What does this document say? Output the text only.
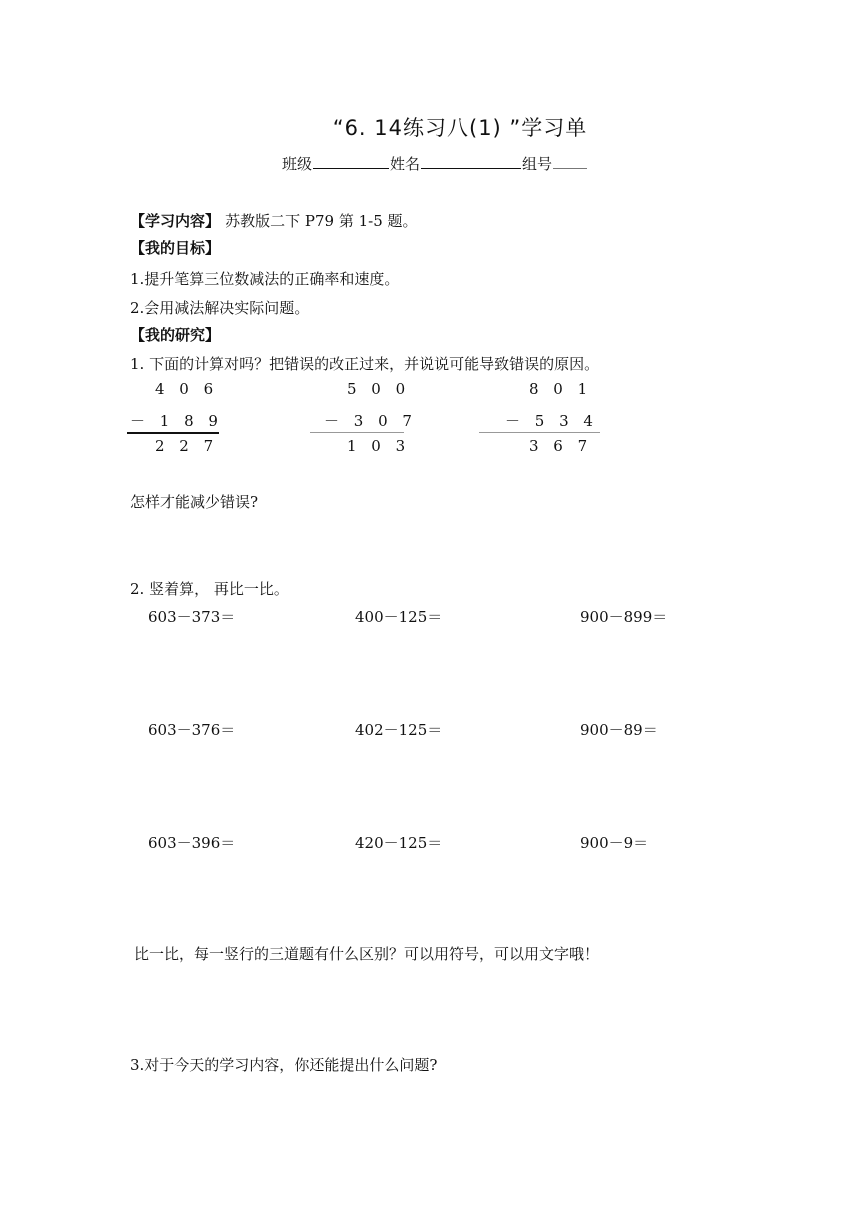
“6. 14练习八(1) ”学习单
班级	姓名	组号
【学习内容】 苏教版二下 P79 第 1-5 题。
【我的目标】
1.提升笔算三位数减法的正确率和速度。
2.会用减法解决实际问题。
【我的研究】
1. 下面的计算对吗？把错误的改正过来，并说说可能导致错误的原因。
4 0 6
－ 1 8 9
2 2 7
5 0 0
－ 3 0 7
1 0 3
8 0 1
－ 5 3 4
3 6 7
怎样才能减少错误?
2. 竖着算， 再比一比。
603－373＝	400－125＝	900－899＝
603－376＝	402－125＝	900－89＝
603－396＝	420－125＝	900－9＝
比一比，每一竖行的三道题有什么区别？可以用符号，可以用文字哦！
3.对于今天的学习内容，你还能提出什么问题?
